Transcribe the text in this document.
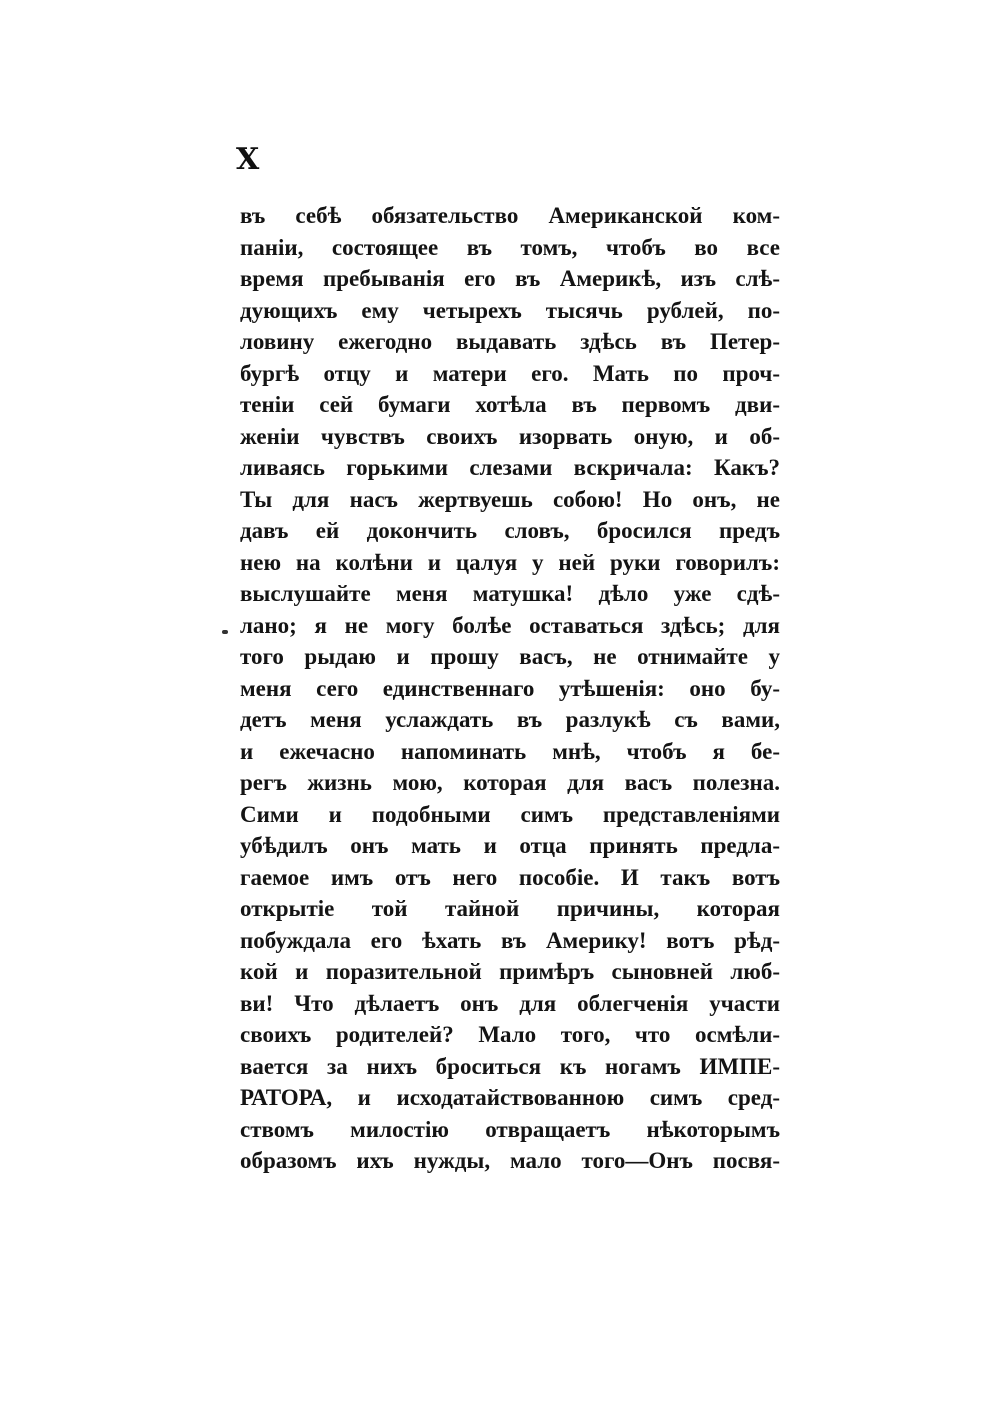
X
въ себѣ обязательство Американской ком-
паніи, состоящее въ томъ, чтобъ во все
время пребыванія его въ Америкѣ, изъ слѣ-
дующихъ ему четырехъ тысячь рублей, по-
ловину ежегодно выдавать здѣсь въ Петер-
бургѣ отцу и матери его. Мать по проч-
теніи сей бумаги хотѣла въ первомъ дви-
женіи чувствъ своихъ изорвать оную, и об-
ливаясь горькими слезами вскричала: Какъ?
Ты для насъ жертвуешь собою! Но онъ, не
давъ ей докончить словъ, бросился предъ
нею на колѣни и цалуя у ней руки говорилъ:
выслушайте меня матушка! дѣло уже сдѣ-
лано; я не могу болѣе оставаться здѣсь; для
того рыдаю и прошу васъ, не отнимайте у
меня сего единственнаго утѣшенія: оно бу-
детъ меня услаждать въ разлукѣ съ вами,
и ежечасно напоминать мнѣ, чтобъ я бе-
регъ жизнь мою, которая для васъ полезна.
Сими и подобными симъ представленіями
убѣдилъ онъ мать и отца принять предла-
гаемое имъ отъ него пособіе. И такъ вотъ
открытіе той тайной причины, которая
побуждала его ѣхать въ Америку! вотъ рѣд-
кой и поразительной примѣръ сыновней люб-
ви! Что дѣлаетъ онъ для облегченія участи
своихъ родителей? Мало того, что осмѣли-
вается за нихъ броситься къ ногамъ ИМПЕ-
РАТОРА, и исходатайствованною симъ сред-
ствомъ милостію отвращаетъ нѣкоторымъ
образомъ ихъ нужды, мало того—Онъ посвя-
